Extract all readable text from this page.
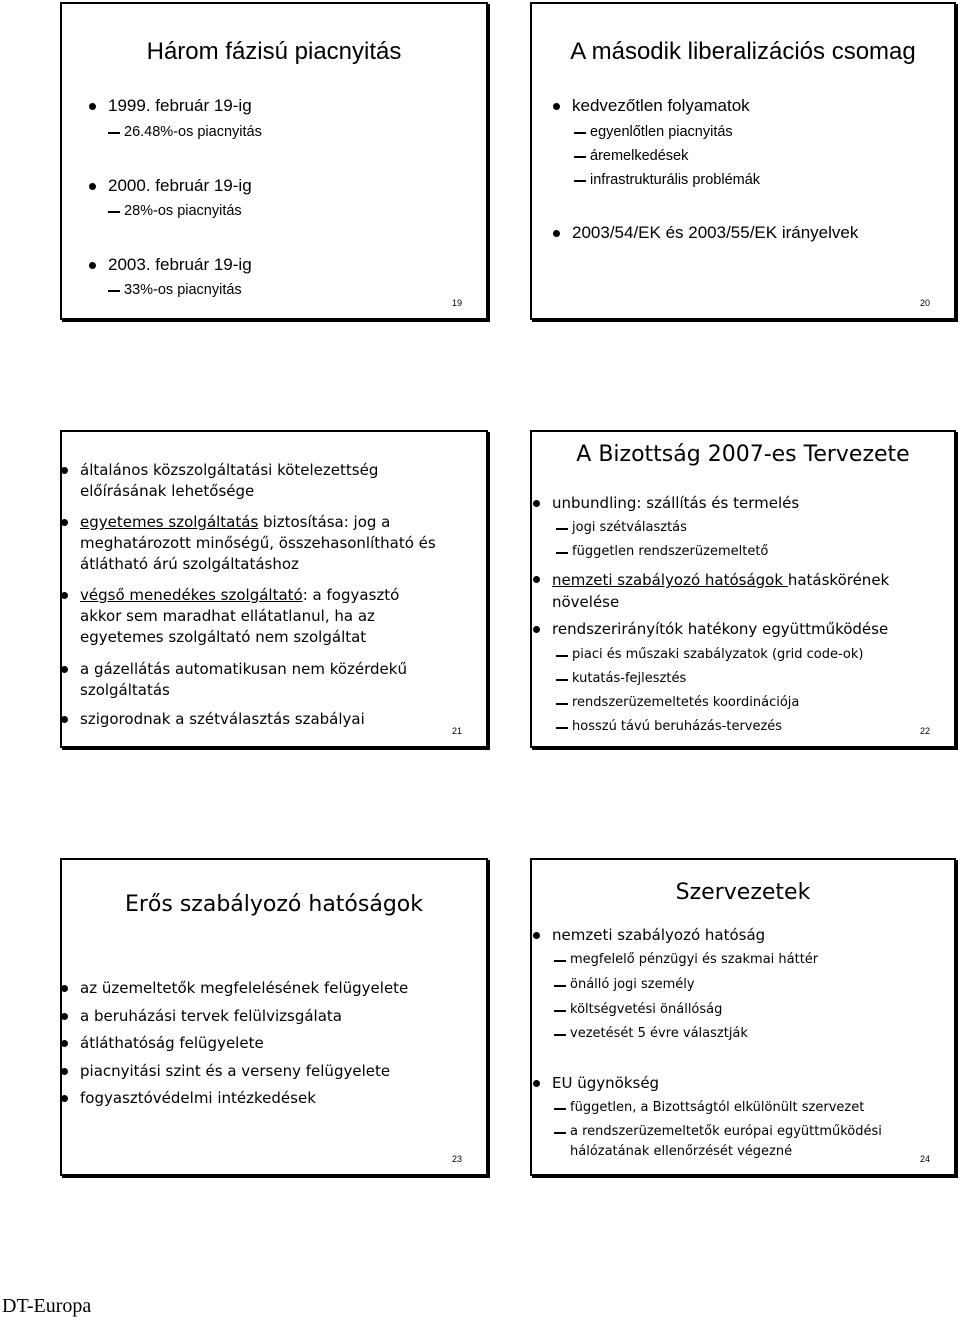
Három fázisú piacnyitás
1999. február 19-ig
26.48%-os piacnyitás
2000. február 19-ig
28%-os piacnyitás
2003. február 19-ig
33%-os piacnyitás
19
A második liberalizációs csomag
kedvezőtlen folyamatok
egyenlőtlen piacnyitás
áremelkedések
infrastrukturális problémák
2003/54/EK és 2003/55/EK irányelvek
20
általános közszolgáltatási kötelezettség
előírásának lehetősége
egyetemes szolgáltatás biztosítása: jog a
meghatározott minőségű, összehasonlítható és
átlátható árú szolgáltatáshoz
végső menedékes szolgáltató: a fogyasztó
akkor sem maradhat ellátatlanul, ha az
egyetemes szolgáltató nem szolgáltat
a gázellátás automatikusan nem közérdekű
szolgáltatás
szigorodnak a szétválasztás szabályai
21
A Bizottság 2007-es Tervezete
unbundling: szállítás és termelés
jogi szétválasztás
független rendszerüzemeltető
nemzeti szabályozó hatóságok hatáskörének
növelése
rendszerirányítók hatékony együttműködése
piaci és műszaki szabályzatok (grid code-ok)
kutatás-fejlesztés
rendszerüzemeltetés koordinációja
hosszú távú beruházás-tervezés	22
Erős szabályozó hatóságok
az üzemeltetők megfelelésének felügyelete
a beruházási tervek felülvizsgálata
átláthatóság felügyelete
piacnyitási szint és a verseny felügyelete
fogyasztóvédelmi intézkedések
23
Szervezetek
nemzeti szabályozó hatóság
megfelelő pénzügyi és szakmai háttér
önálló jogi személy
költségvetési önállóság
vezetését 5 évre választják
EU ügynökség
független, a Bizottságtól elkülönült szervezet
a rendszerüzemeltetők európai együttműködési
hálózatának ellenőrzését végezné	24
DT-Europa
